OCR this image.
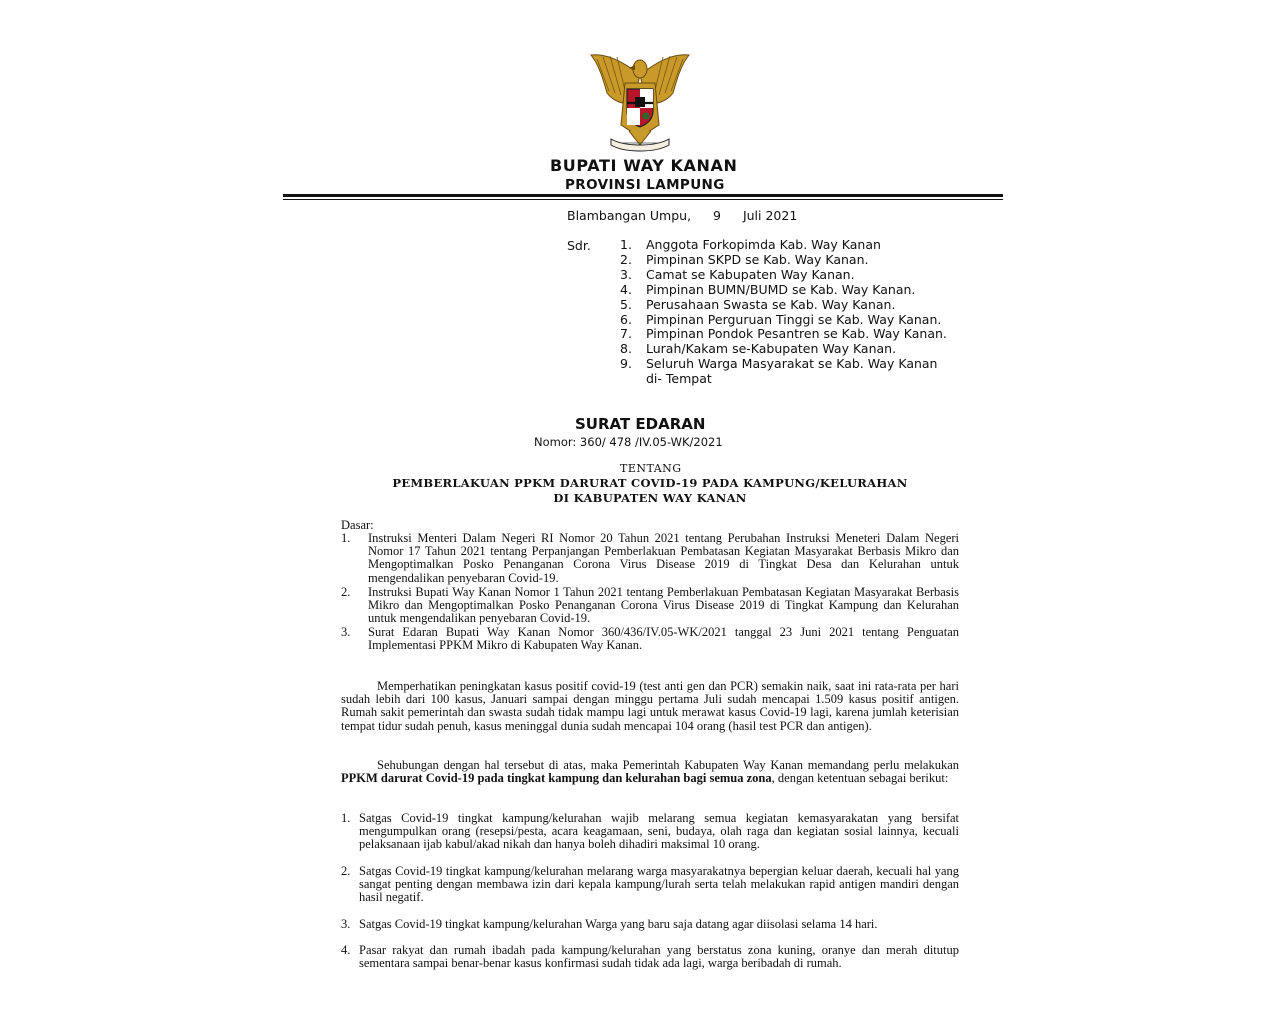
BUPATI WAY KANAN
PROVINSI LAMPUNG
Blambangan Umpu, 9 Juli 2021
Sdr. 1. Anggota Forkopimda Kab. Way Kanan
2. Pimpinan SKPD se Kab. Way Kanan.
3. Camat se Kabupaten Way Kanan.
4. Pimpinan BUMN/BUMD se Kab. Way Kanan.
5. Perusahaan Swasta se Kab. Way Kanan.
6. Pimpinan Perguruan Tinggi se Kab. Way Kanan.
7. Pimpinan Pondok Pesantren se Kab. Way Kanan.
8. Lurah/Kakam se-Kabupaten Way Kanan.
9. Seluruh Warga Masyarakat se Kab. Way Kanan
di- Tempat
SURAT EDARAN
Nomor: 360/ 478 /IV.05-WK/2021
TENTANG
PEMBERLAKUAN PPKM DARURAT COVID-19 PADA KAMPUNG/KELURAHAN
DI KABUPATEN WAY KANAN
Dasar:
1.	Instruksi Menteri Dalam Negeri RI Nomor 20 Tahun 2021 tentang Perubahan Instruksi Meneteri Dalam Negeri Nomor 17 Tahun 2021 tentang Perpanjangan Pemberlakuan Pembatasan Kegiatan Masyarakat Berbasis Mikro dan Mengoptimalkan Posko Penanganan Corona Virus Disease 2019 di Tingkat Desa dan Kelurahan untuk mengendalikan penyebaran Covid-19.
2.	Instruksi Bupati Way Kanan Nomor 1 Tahun 2021 tentang Pemberlakuan Pembatasan Kegiatan Masyarakat Berbasis Mikro dan Mengoptimalkan Posko Penanganan Corona Virus Disease 2019 di Tingkat Kampung dan Kelurahan untuk mengendalikan penyebaran Covid-19.
3.	Surat Edaran Bupati Way Kanan Nomor 360/436/IV.05-WK/2021 tanggal 23 Juni 2021 tentang Penguatan Implementasi PPKM Mikro di Kabupaten Way Kanan.
Memperhatikan peningkatan kasus positif covid-19 (test anti gen dan PCR) semakin naik, saat ini rata-rata per hari sudah lebih dari 100 kasus, Januari sampai dengan minggu pertama Juli sudah mencapai 1.509 kasus positif antigen. Rumah sakit pemerintah dan swasta sudah tidak mampu lagi untuk merawat kasus Covid-19 lagi, karena jumlah keterisian tempat tidur sudah penuh, kasus meninggal dunia sudah mencapai 104 orang (hasil test PCR dan antigen).
Sehubungan dengan hal tersebut di atas, maka Pemerintah Kabupaten Way Kanan memandang perlu melakukan PPKM darurat Covid-19 pada tingkat kampung dan kelurahan bagi semua zona, dengan ketentuan sebagai berikut:
1. Satgas Covid-19 tingkat kampung/kelurahan wajib melarang semua kegiatan kemasyarakatan yang bersifat mengumpulkan orang (resepsi/pesta, acara keagamaan, seni, budaya, olah raga dan kegiatan sosial lainnya, kecuali pelaksanaan ijab kabul/akad nikah dan hanya boleh dihadiri maksimal 10 orang.
2. Satgas Covid-19 tingkat kampung/kelurahan melarang warga masyarakatnya bepergian keluar daerah, kecuali hal yang sangat penting dengan membawa izin dari kepala kampung/lurah serta telah melakukan rapid antigen mandiri dengan hasil negatif.
3. Satgas Covid-19 tingkat kampung/kelurahan Warga yang baru saja datang agar diisolasi selama 14 hari.
4. Pasar rakyat dan rumah ibadah pada kampung/kelurahan yang berstatus zona kuning, oranye dan merah ditutup sementara sampai benar-benar kasus konfirmasi sudah tidak ada lagi, warga beribadah di rumah.
